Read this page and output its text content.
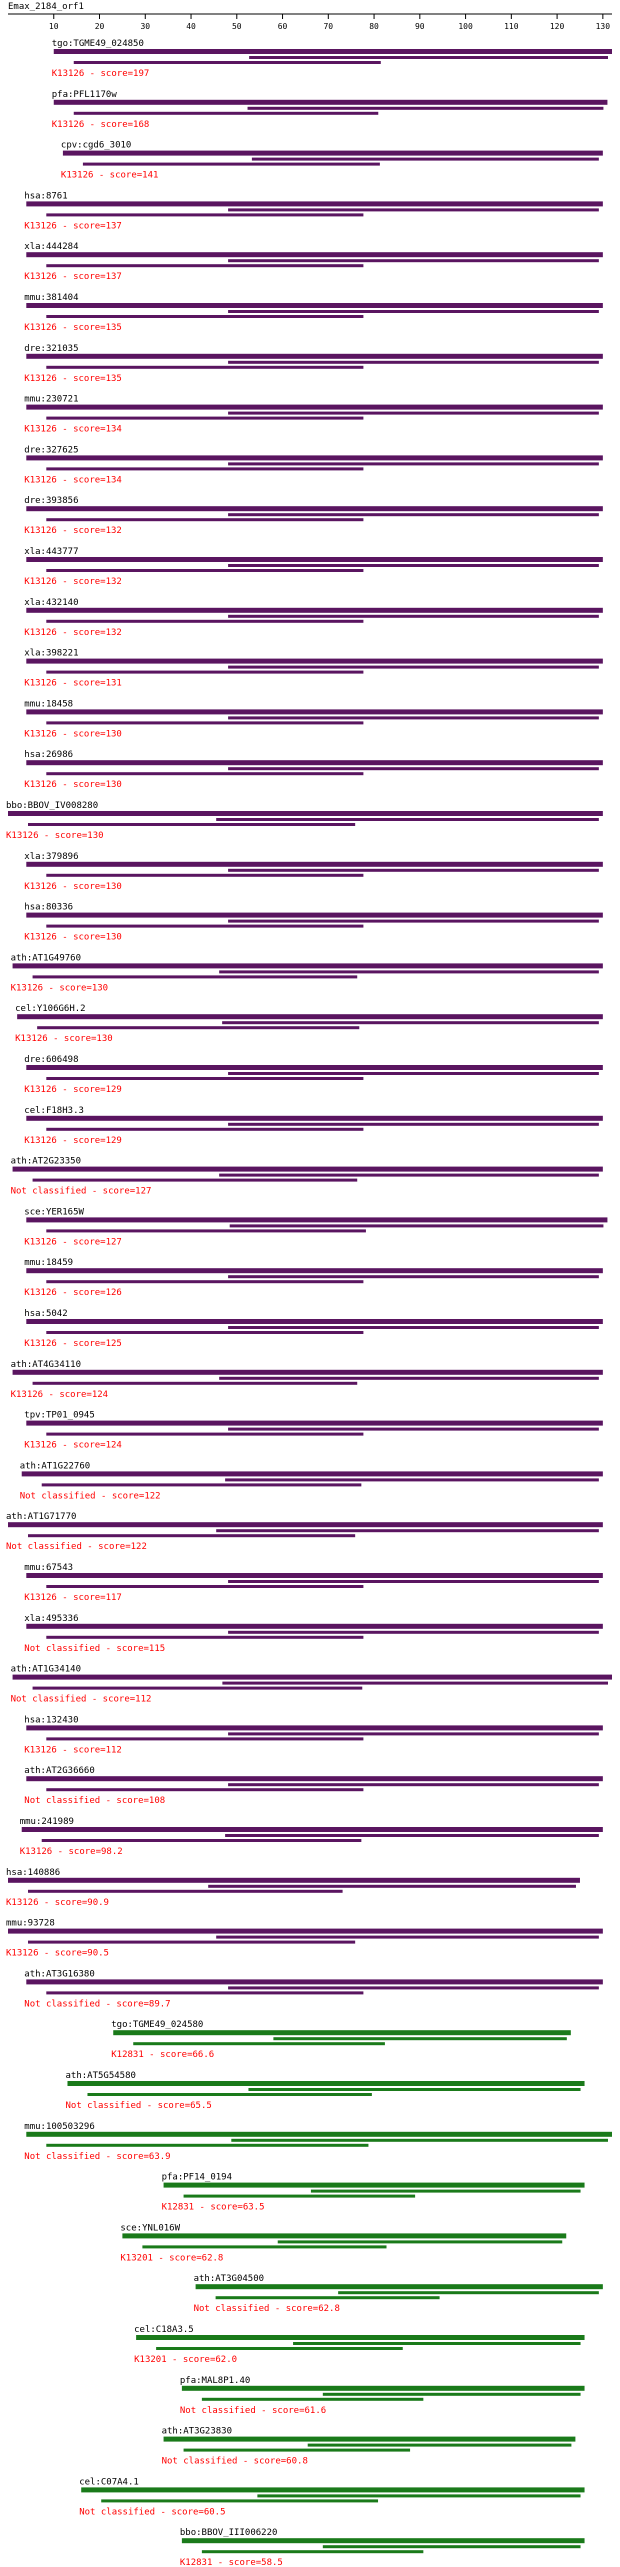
Emax_2184_orf1
10	20	30	40	50	60	70	80	90	100	110	120	130
tgo:TGME49_024850
K13126 - score=197
pfa:PFL1170w
K13126 - score=168
cpv:cgd6_3010
K13126 - score=141
hsa:8761
K13126 - score=137
xla:444284
K13126 - score=137
mmu:381404
K13126 - score=135
dre:321035
K13126 - score=135
mmu:230721
K13126 - score=134
dre:327625
K13126 - score=134
dre:393856
K13126 - score=132
xla:443777
K13126 - score=132
xla:432140
K13126 - score=132
xla:398221
K13126 - score=131
mmu:18458
K13126 - score=130
hsa:26986
K13126 - score=130
bbo:BBOV_IV008280
K13126 - score=130
xla:379896
K13126 - score=130
hsa:80336
K13126 - score=130
ath:AT1G49760
K13126 - score=130
cel:Y106G6H.2
K13126 - score=130
dre:606498
K13126 - score=129
cel:F18H3.3
K13126 - score=129
ath:AT2G23350
Not classified - score=127
sce:YER165W
K13126 - score=127
mmu:18459
K13126 - score=126
hsa:5042
K13126 - score=125
ath:AT4G34110
K13126 - score=124
tpv:TP01_0945
K13126 - score=124
ath:AT1G22760
Not classified - score=122
ath:AT1G71770
Not classified - score=122
mmu:67543
K13126 - score=117
xla:495336
Not classified - score=115
ath:AT1G34140
Not classified - score=112
hsa:132430
K13126 - score=112
ath:AT2G36660
Not classified - score=108
mmu:241989
K13126 - score=98.2
hsa:140886
K13126 - score=90.9
mmu:93728
K13126 - score=90.5
ath:AT3G16380
Not classified - score=89.7
tgo:TGME49_024580
K12831 - score=66.6
ath:AT5G54580
Not classified - score=65.5
mmu:100503296
Not classified - score=63.9
pfa:PF14_0194
K12831 - score=63.5
sce:YNL016W
K13201 - score=62.8
ath:AT3G04500
Not classified - score=62.8
cel:C18A3.5
K13201 - score=62.0
pfa:MAL8P1.40
Not classified - score=61.6
ath:AT3G23830
Not classified - score=60.8
cel:C07A4.1
Not classified - score=60.5
bbo:BBOV_III006220
K12831 - score=58.5
